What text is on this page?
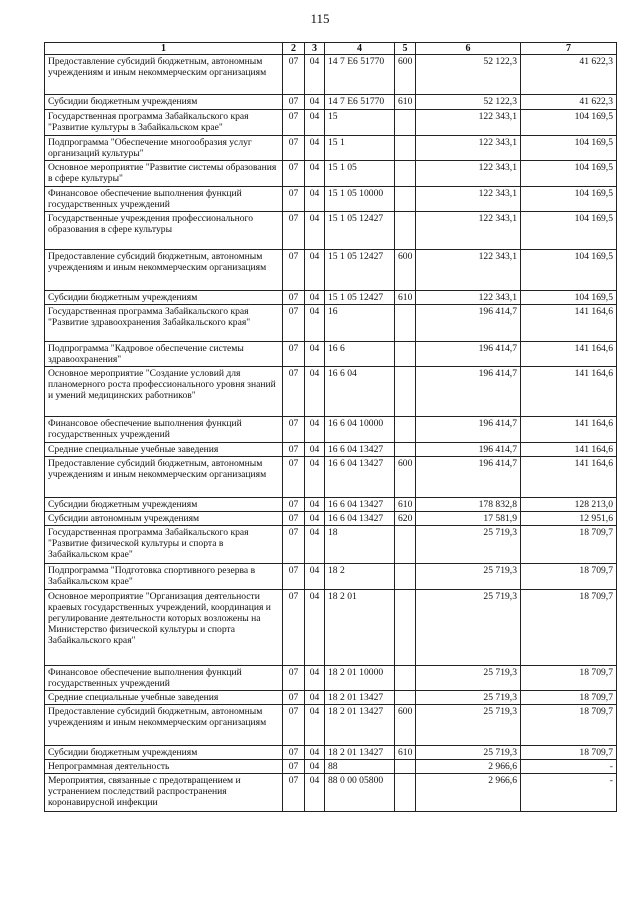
115
1	2	3	4	5	6	7
Предоставление субсидий бюджетным, автономным учреждениям и иным некоммерческим организациям	07	04	14 7 E6 51770	600	52 122,3	41 622,3
Субсидии бюджетным учреждениям	07	04	14 7 E6 51770	610	52 122,3	41 622,3
Государственная программа Забайкальского края "Развитие культуры в Забайкальском крае"	07	04	15		122 343,1	104 169,5
Подпрограмма "Обеспечение многообразия услуг организаций культуры"	07	04	15 1		122 343,1	104 169,5
Основное мероприятие "Развитие системы образования в сфере культуры"	07	04	15 1 05		122 343,1	104 169,5
Финансовое обеспечение выполнения функций государственных учреждений	07	04	15 1 05 10000		122 343,1	104 169,5
Государственные учреждения профессионального образования в сфере культуры	07	04	15 1 05 12427		122 343,1	104 169,5
Предоставление субсидий бюджетным, автономным учреждениям и иным некоммерческим организациям	07	04	15 1 05 12427	600	122 343,1	104 169,5
Субсидии бюджетным учреждениям	07	04	15 1 05 12427	610	122 343,1	104 169,5
Государственная программа Забайкальского края "Развитие здравоохранения Забайкальского края"	07	04	16		196 414,7	141 164,6
Подпрограмма "Кадровое обеспечение системы здравоохранения"	07	04	16 6		196 414,7	141 164,6
Основное мероприятие "Создание условий для планомерного роста профессионального уровня знаний и умений медицинских работников"	07	04	16 6 04		196 414,7	141 164,6
Финансовое обеспечение выполнения функций государственных учреждений	07	04	16 6 04 10000		196 414,7	141 164,6
Средние специальные учебные заведения	07	04	16 6 04 13427		196 414,7	141 164,6
Предоставление субсидий бюджетным, автономным учреждениям и иным некоммерческим организациям	07	04	16 6 04 13427	600	196 414,7	141 164,6
Субсидии бюджетным учреждениям	07	04	16 6 04 13427	610	178 832,8	128 213,0
Субсидии автономным учреждениям	07	04	16 6 04 13427	620	17 581,9	12 951,6
Государственная программа Забайкальского края "Развитие физической культуры и спорта в Забайкальском крае"	07	04	18		25 719,3	18 709,7
Подпрограмма "Подготовка спортивного резерва в Забайкальском крае"	07	04	18 2		25 719,3	18 709,7
Основное мероприятие "Организация деятельности краевых государственных учреждений, координация и регулирование деятельности которых возложены на Министерство физической культуры и спорта Забайкальского края"	07	04	18 2 01		25 719,3	18 709,7
Финансовое обеспечение выполнения функций государственных учреждений	07	04	18 2 01 10000		25 719,3	18 709,7
Средние специальные учебные заведения	07	04	18 2 01 13427		25 719,3	18 709,7
Предоставление субсидий бюджетным, автономным учреждениям и иным некоммерческим организациям	07	04	18 2 01 13427	600	25 719,3	18 709,7
Субсидии бюджетным учреждениям	07	04	18 2 01 13427	610	25 719,3	18 709,7
Непрограммная деятельность	07	04	88		2 966,6	-
Мероприятия, связанные с предотвращением и устранением последствий распространения коронавирусной инфекции	07	04	88 0 00 05800		2 966,6	-
